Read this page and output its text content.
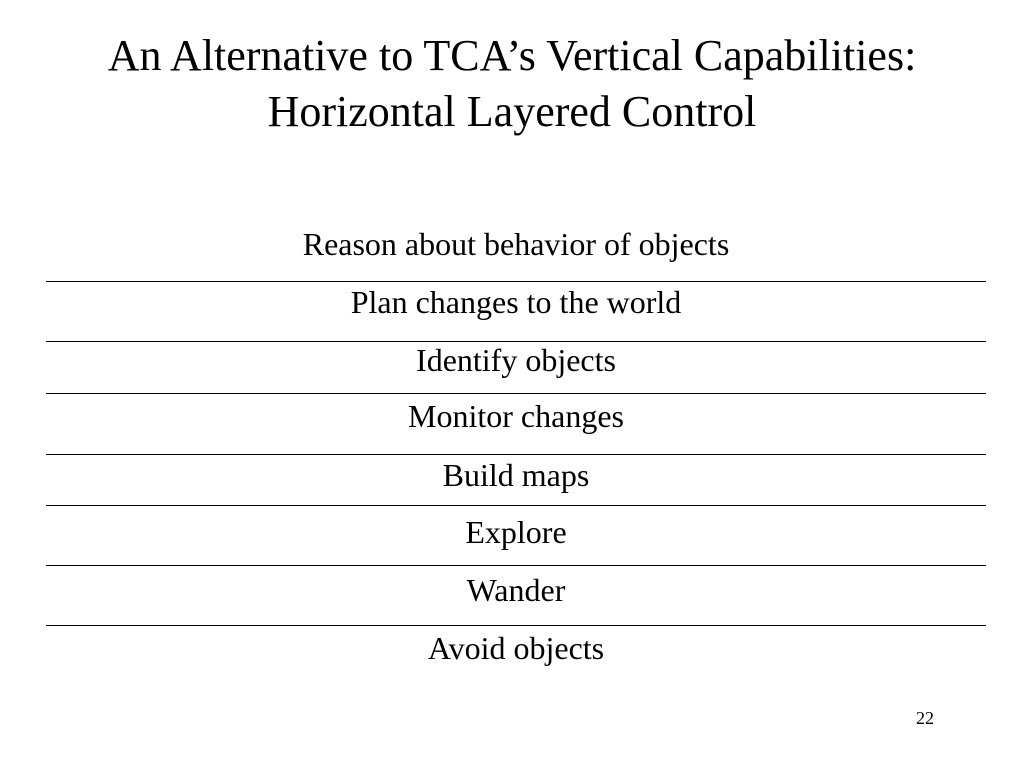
An Alternative to TCA’s Vertical Capabilities:
Horizontal Layered Control
Reason about behavior of objects
Plan changes to the world
Identify objects
Monitor changes
Build maps
Explore
Wander
Avoid objects
22
